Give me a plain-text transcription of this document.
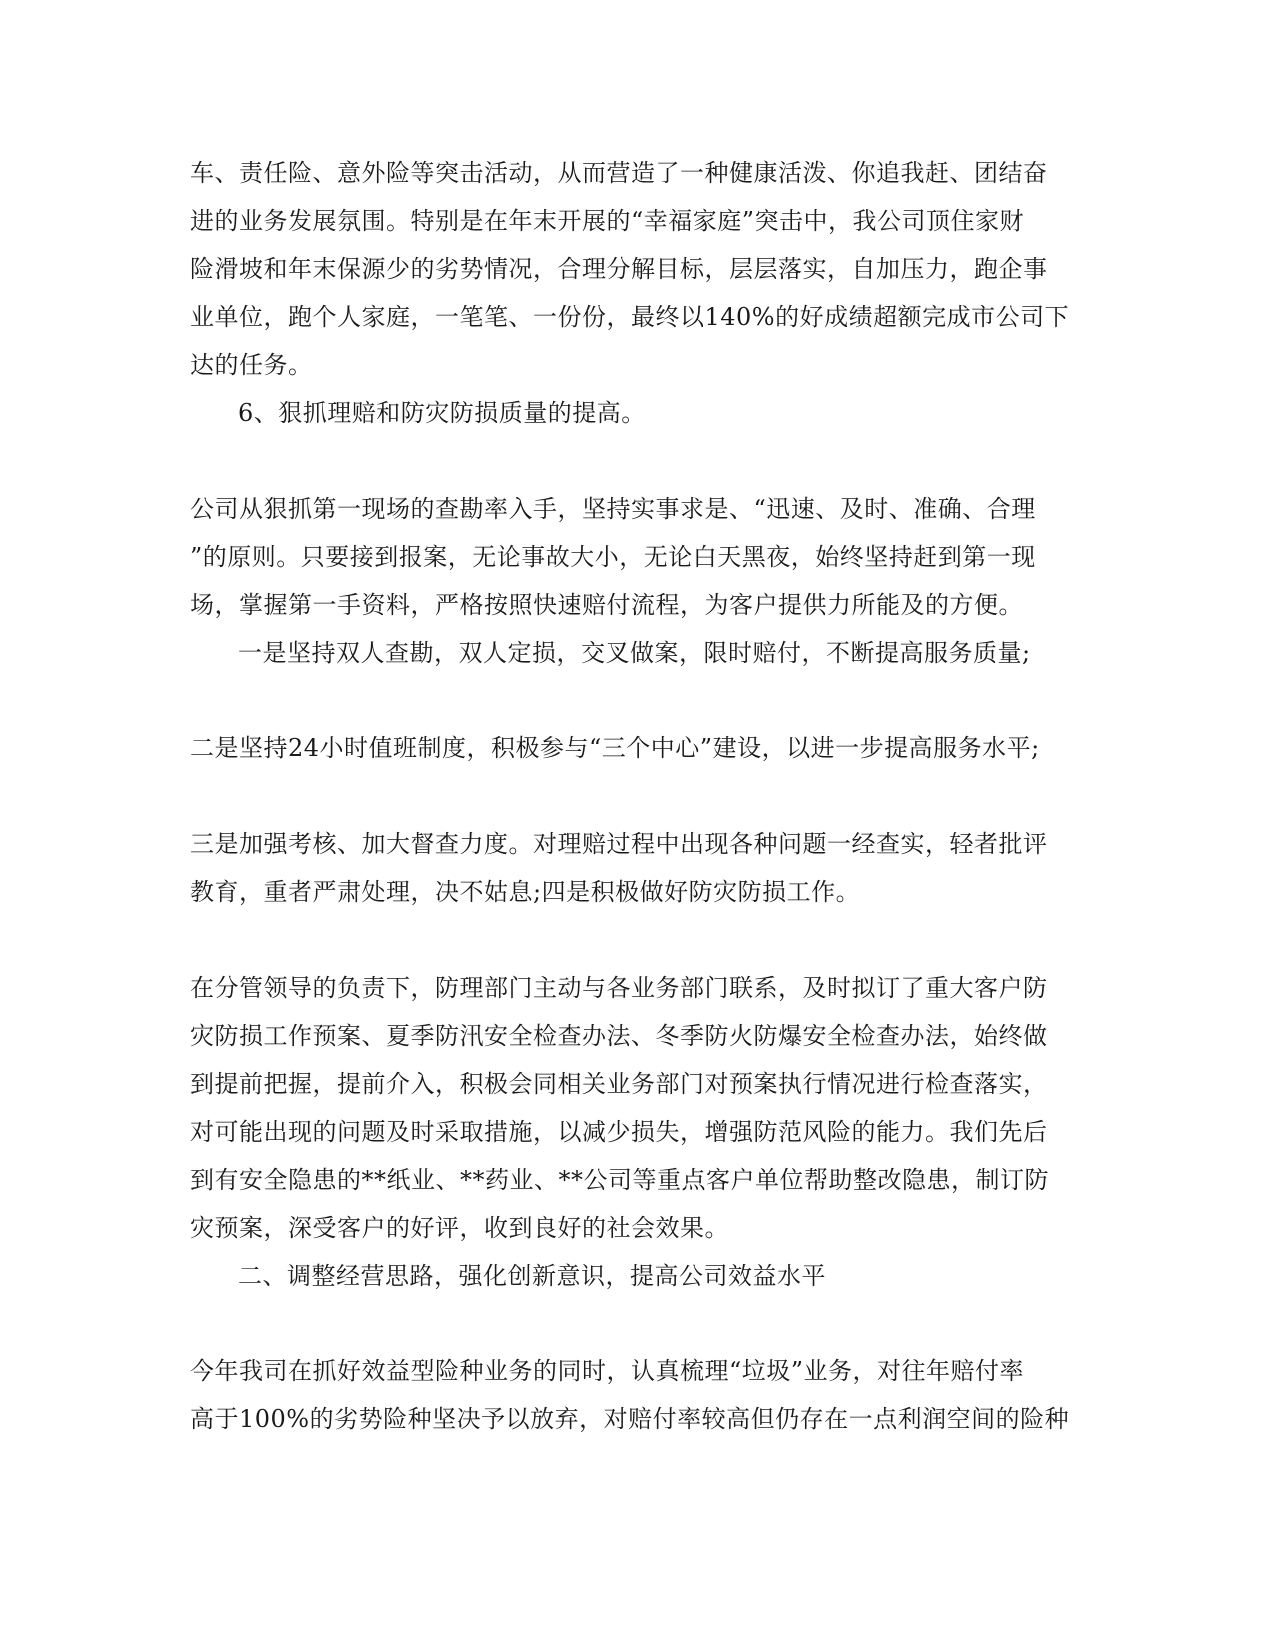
车、责任险、意外险等突击活动，从而营造了一种健康活泼、你追我赶、团结奋
进的业务发展氛围。特别是在年末开展的“幸福家庭”突击中，我公司顶住家财
险滑坡和年末保源少的劣势情况，合理分解目标，层层落实，自加压力，跑企事
业单位，跑个人家庭，一笔笔、一份份，最终以140%的好成绩超额完成市公司下
达的任务。
6、狠抓理赔和防灾防损质量的提高。
公司从狠抓第一现场的查勘率入手，坚持实事求是、“迅速、及时、准确、合理
”的原则。只要接到报案，无论事故大小，无论白天黑夜，始终坚持赶到第一现
场，掌握第一手资料，严格按照快速赔付流程，为客户提供力所能及的方便。
一是坚持双人查勘，双人定损，交叉做案，限时赔付，不断提高服务质量;
二是坚持24小时值班制度，积极参与“三个中心”建设，以进一步提高服务水平;
三是加强考核、加大督查力度。对理赔过程中出现各种问题一经查实，轻者批评
教育，重者严肃处理，决不姑息;四是积极做好防灾防损工作。
在分管领导的负责下，防理部门主动与各业务部门联系，及时拟订了重大客户防
灾防损工作预案、夏季防汛安全检查办法、冬季防火防爆安全检查办法，始终做
到提前把握，提前介入，积极会同相关业务部门对预案执行情况进行检查落实，
对可能出现的问题及时采取措施，以减少损失，增强防范风险的能力。我们先后
到有安全隐患的**纸业、**药业、**公司等重点客户单位帮助整改隐患，制订防
灾预案，深受客户的好评，收到良好的社会效果。
二、调整经营思路，强化创新意识，提高公司效益水平
今年我司在抓好效益型险种业务的同时，认真梳理“垃圾”业务，对往年赔付率
高于100%的劣势险种坚决予以放弃，对赔付率较高但仍存在一点利润空间的险种
